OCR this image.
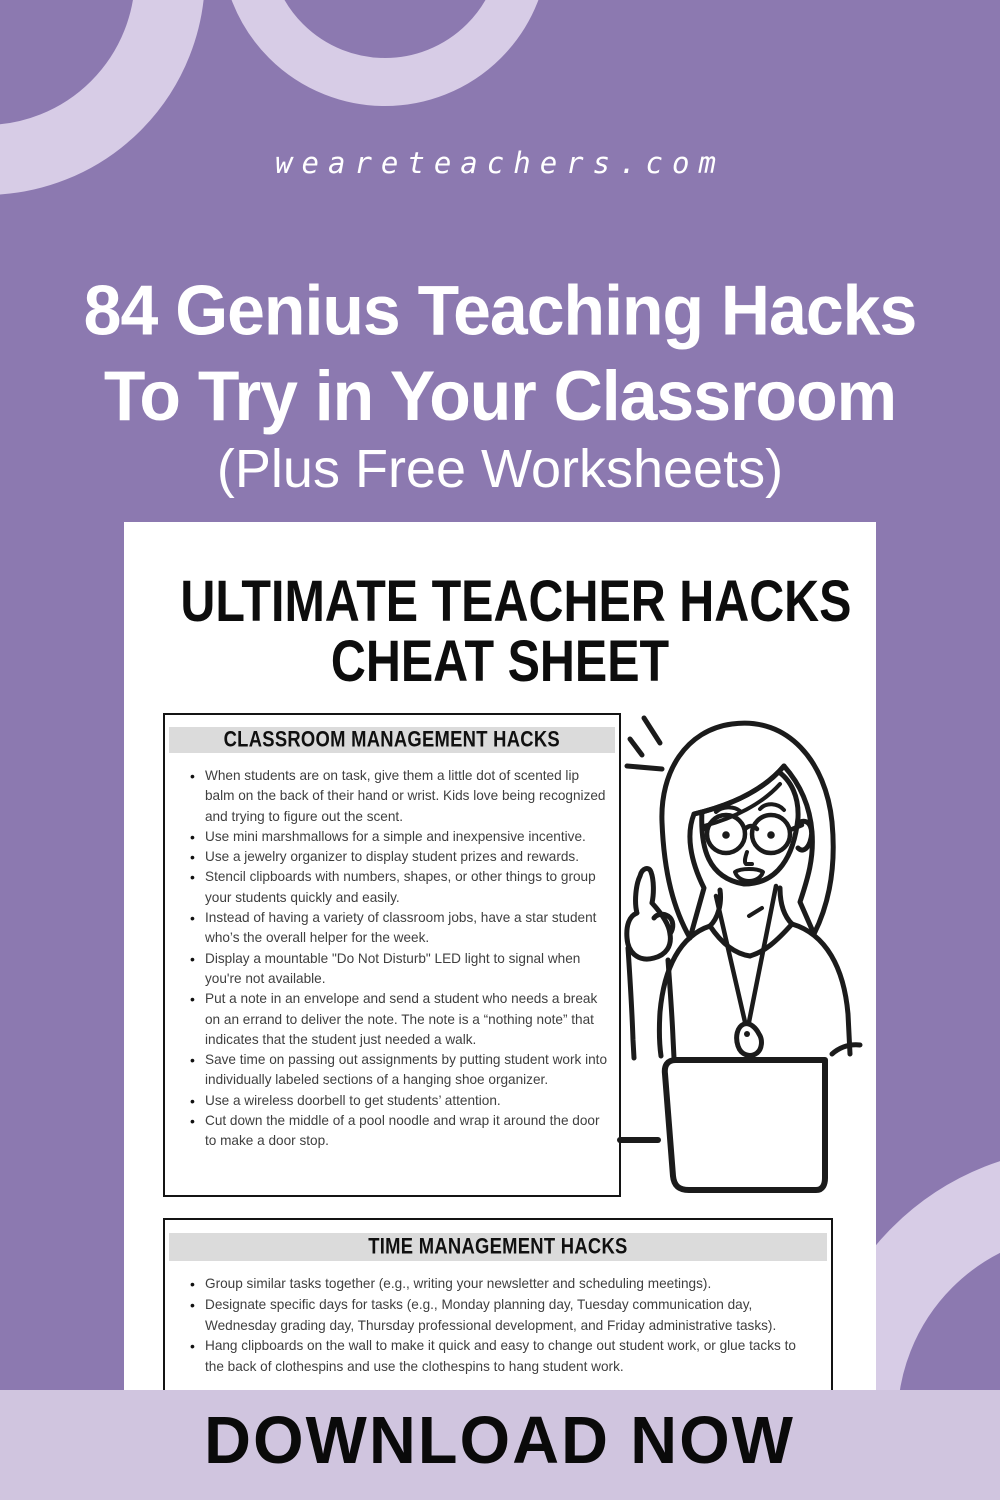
weareteachers.com
84 Genius Teaching Hacks
To Try in Your Classroom
(Plus Free Worksheets)
ULTIMATE TEACHER HACKS
CHEAT SHEET
CLASSROOM MANAGEMENT HACKS
• When students are on task, give them a little dot of scented lip balm on the back of their hand or wrist. Kids love being recognized and trying to figure out the scent.
• Use mini marshmallows for a simple and inexpensive incentive.
• Use a jewelry organizer to display student prizes and rewards.
• Stencil clipboards with numbers, shapes, or other things to group your students quickly and easily.
• Instead of having a variety of classroom jobs, have a star student who’s the overall helper for the week.
• Display a mountable "Do Not Disturb" LED light to signal when you're not available.
• Put a note in an envelope and send a student who needs a break on an errand to deliver the note. The note is a “nothing note” that indicates that the student just needed a walk.
• Save time on passing out assignments by putting student work into individually labeled sections of a hanging shoe organizer.
• Use a wireless doorbell to get students’ attention.
• Cut down the middle of a pool noodle and wrap it around the door to make a door stop.
TIME MANAGEMENT HACKS
• Group similar tasks together (e.g., writing your newsletter and scheduling meetings).
• Designate specific days for tasks (e.g., Monday planning day, Tuesday communication day, Wednesday grading day, Thursday professional development, and Friday administrative tasks).
• Hang clipboards on the wall to make it quick and easy to change out student work, or glue tacks to the back of clothespins and use the clothespins to hang student work.
DOWNLOAD NOW
